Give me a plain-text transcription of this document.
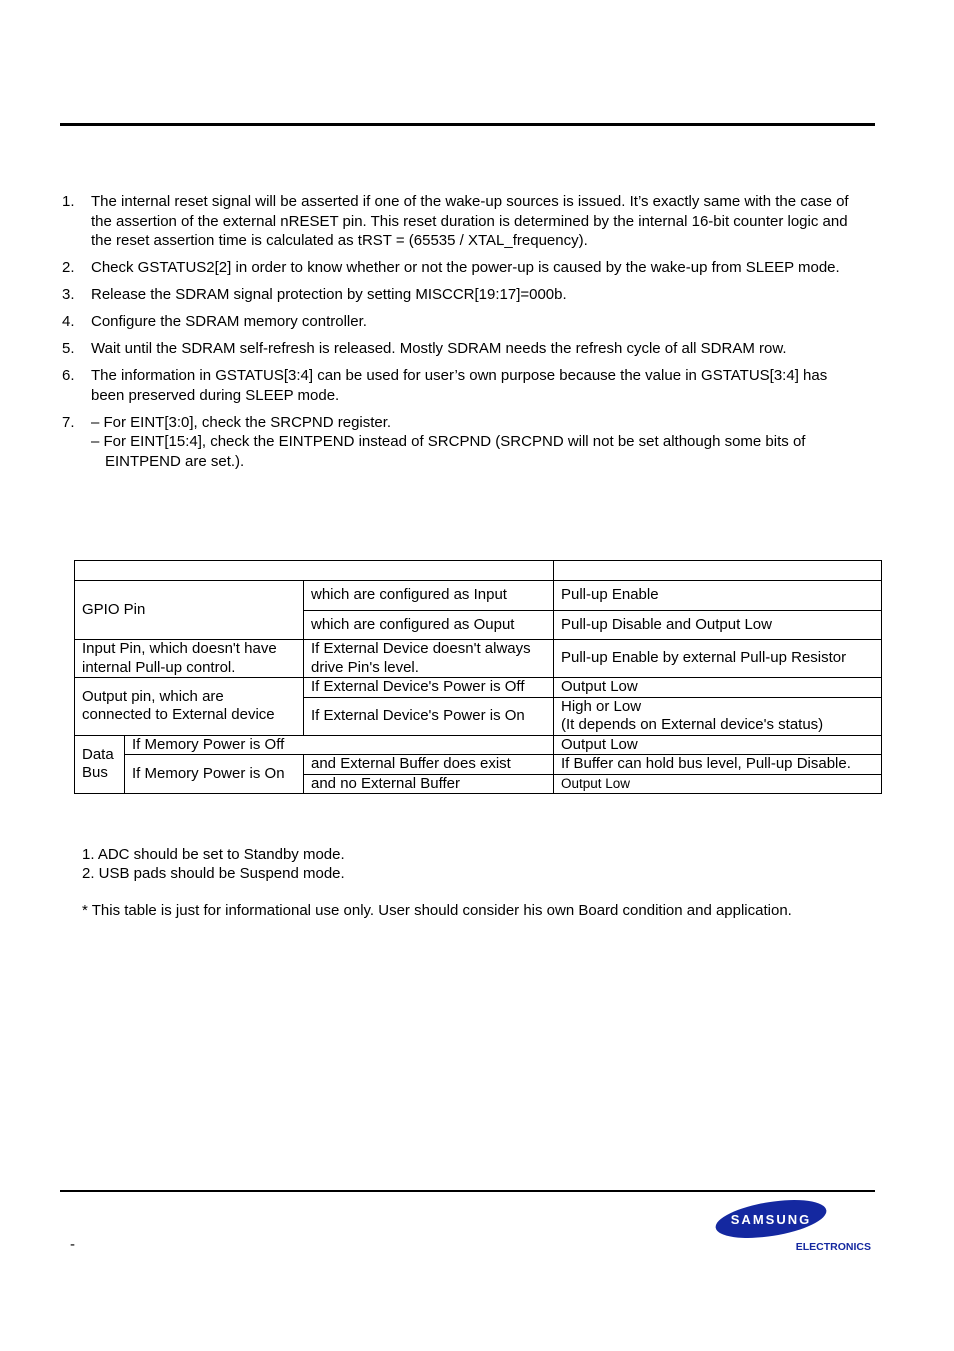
1. The internal reset signal will be asserted if one of the wake-up sources is issued. It’s exactly same with the case of the assertion of the external nRESET pin. This reset duration is determined by the internal 16-bit counter logic and the reset assertion time is calculated as tRST = (65535 / XTAL_frequency).
2. Check GSTATUS2[2] in order to know whether or not the power-up is caused by the wake-up from SLEEP mode.
3. Release the SDRAM signal protection by setting MISCCR[19:17]=000b.
4. Configure the SDRAM memory controller.
5. Wait until the SDRAM self-refresh is released. Mostly SDRAM needs the refresh cycle of all SDRAM row.
6. The information in GSTATUS[3:4] can be used for user’s own purpose because the value in GSTATUS[3:4] has been preserved during SLEEP mode.
7. – For EINT[3:0], check the SRCPND register.
– For EINT[15:4], check the EINTPEND instead of SRCPND (SRCPND will not be set although some bits of EINTPEND are set.).

GPIO Pin		which are configured as Input	Pull-up Enable
		which are configured as Ouput	Pull-up Disable and Output Low
Input Pin, which doesn't have internal Pull-up control.		If External Device doesn't always drive Pin's level.	Pull-up Enable by external Pull-up Resistor
Output pin, which are connected to External device		If External Device's Power is Off	Output Low
		If External Device's Power is On	High or Low
(It depends on External device's status)
Data Bus	If Memory Power is Off		Output Low
	If Memory Power is On	and External Buffer does exist	If Buffer can hold bus level, Pull-up Disable.
		and no External Buffer	Output Low
1. ADC should be set to Standby mode.
2. USB pads should be Suspend mode.
* This table is just for informational use only. User should consider his own Board condition and application.
-
SAMSUNG
ELECTRONICS
